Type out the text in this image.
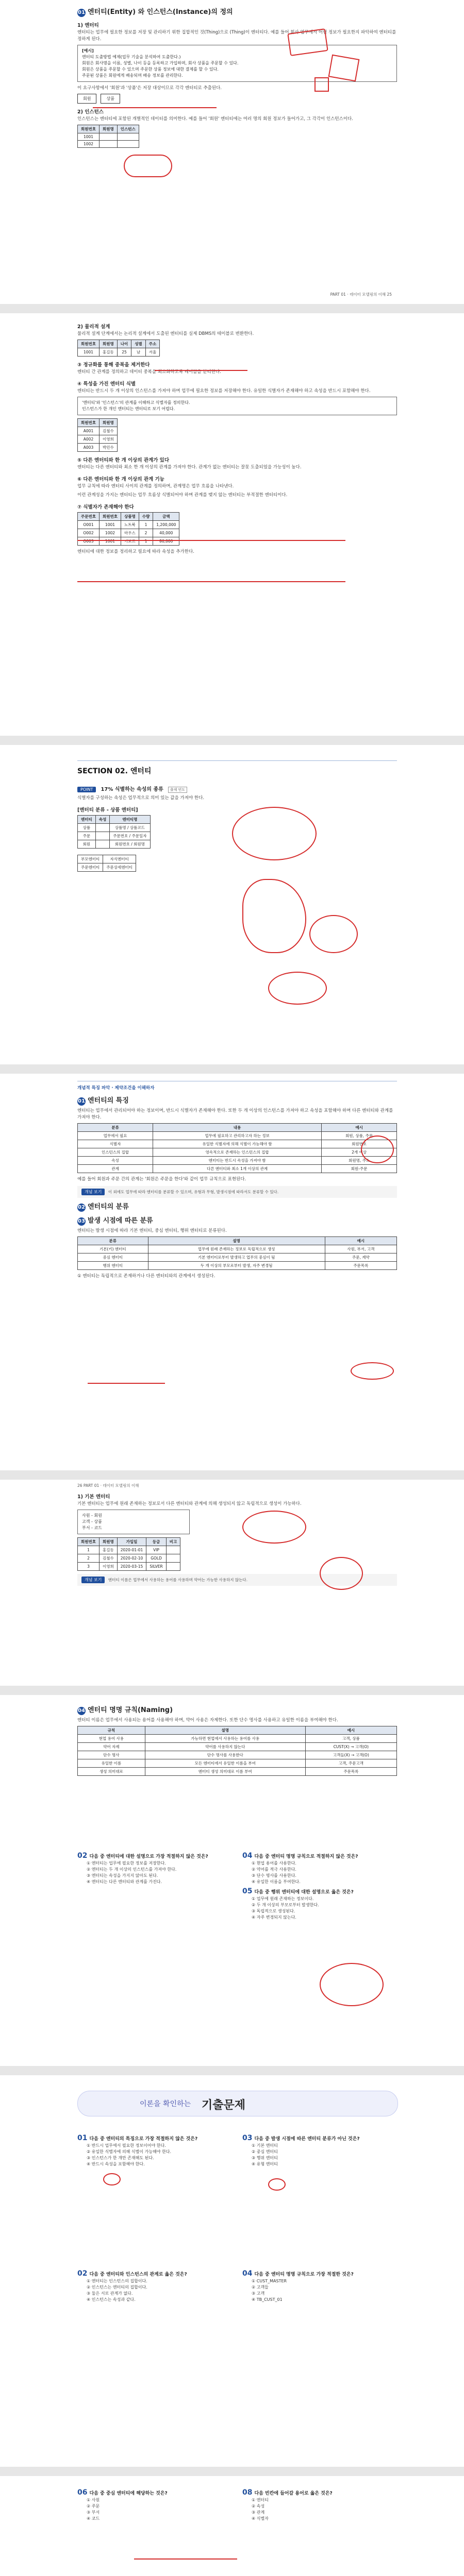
01 엔터티(Entity) 와 인스턴스(Instance)의 정의
1) 엔터티
엔터티는 업무에 필요한 정보를 저장 및 관리하기 위한 집합적인 것(Thing)으로 (Thing)이 엔터티다. 예를 들어 회사 업무에서 어떤 정보가 필요한지 파악하여 엔터티를 정하게 된다.
[예시]
엔터티 도출방법 예제(업무 기술을 분석하여 도출한다.)
회원은 회사명을 이름, 성별, 나이 등을 등록하고 가입하며, 회사 상품을 주문할 수 있다.
회원은 상품을 주문할 수 있으며 주문한 상품 정보에 대한 결제를 할 수 있다.
주문된 상품은 회원에게 배송되며 배송 정보를 관리한다.
이 요구사항에서 '회원'과 '상품'은 저장 대상이므로 각각 엔터티로 추출된다.
회원	상품
2) 인스턴스
인스턴스는 엔터티에 포함된 개별적인 데이터를 의미한다. 예를 들어 '회원' 엔터티에는 여러 명의 회원 정보가 들어가고, 그 각각이 인스턴스이다.
회원번호	회원명	인스턴스
1001		
1002		
PART 01 · 데이터 모델링의 이해 25
2) 물리적 설계
물리적 설계 단계에서는 논리적 설계에서 도출된 엔터티를 실제 DBMS의 테이블로 변환한다.
회원번호	회원명	나이	성별	주소
1001	홍길동	25	남	서울
③ 정규화를 통해 중복을 제거한다
엔터티 간 관계를 정의하고 데이터 중복을 최소화하도록 테이블을 분리한다.
④ 특성을 가진 엔터티 식별
엔터티는 반드시 두 개 이상의 인스턴스를 가져야 하며 업무에 필요한 정보를 저장해야 한다. 유일한 식별자가 존재해야 하고 속성을 반드시 포함해야 한다.
'엔터티'와 '인스턴스'의 관계를 이해하고 식별자를 정의한다.
인스턴스가 한 개인 엔터티는 엔터티로 보기 어렵다.
회원번호	회원명
A001	김철수
A002	이영희
A003	박민수
⑤ 다른 엔터티와 한 개 이상의 관계가 있다
엔터티는 다른 엔터티와 최소 한 개 이상의 관계를 가져야 한다. 관계가 없는 엔터티는 잘못 도출되었을 가능성이 높다.
⑥ 다른 엔터티와 한 개 이상의 관계 기능
업무 규칙에 따라 엔터티 사이의 관계를 정의하며, 관계명은 업무 흐름을 나타낸다.
이런 관계성을 가지는 엔터티는 업무 흐름상 식별되어야 하며 관계를 맺지 않는 엔터티는 부적절한 엔터티이다.
⑦ 식별자가 존재해야 한다
주문번호	회원번호	상품명	수량	금액
O001	1001	노트북	1	1,200,000
O002	1002	마우스	2	40,000
O003	1001	키보드	1	80,000
엔터티에 대한 정보를 정리하고 필요에 따라 속성을 추가한다.
SECTION 02. 엔터티
POINT 17% 식별하는 속성의 종류 출제 빈도
식별자를 구성하는 속성은 업무적으로 의미 있는 값을 가져야 한다.
[엔터티 분류 - 상품 엔터티]
엔터티	속성	엔터티명
상품		상품명 / 상품코드
주문		주문번호 / 주문일자
회원		회원번호 / 회원명
부모엔터티	자식엔터티
주문엔터티	주문상세엔터티
개념적 특징 파악 · 제약조건을 이해하자
01 엔터티의 특징
엔터티는 업무에서 관리되어야 하는 정보이며, 반드시 식별자가 존재해야 한다. 또한 두 개 이상의 인스턴스를 가져야 하고 속성을 포함해야 하며 다른 엔터티와 관계를 가져야 한다.
분류	내용	예시
업무에서 필요	업무에 필요하고 관리하고자 하는 정보	회원, 상품, 주문
식별자	유일한 식별자에 의해 식별이 가능해야 함	회원번호
인스턴스의 집합	영속적으로 존재하는 인스턴스의 집합	2개 이상
속성	엔터티는 반드시 속성을 가져야 함	회원명, 주소
관계	다른 엔터티와 최소 1개 이상의 관계	회원-주문
예를 들어 회원과 주문 간의 관계는 '회원은 주문을 한다'와 같이 업무 규칙으로 표현된다.
개념 보기 이 외에도 업무에 따라 엔터티를 분류할 수 있으며, 유형과 무형, 발생시점에 따라서도 분류할 수 있다.
02 엔터티의 분류
03 발생 시점에 따른 분류
엔터티는 발생 시점에 따라 기본 엔터티, 중심 엔터티, 행위 엔터티로 분류된다.
분류	설명	예시
기본(키) 엔터티	업무에 원래 존재하는 정보로 독립적으로 생성	사원, 부서, 고객
중심 엔터티	기본 엔터티로부터 발생하고 업무의 중심이 됨	주문, 계약
행위 엔터티	두 개 이상의 부모로부터 발생, 자주 변경됨	주문목록
① 엔터티는 독립적으로 존재하거나 다른 엔터티와의 관계에서 생성된다.
26 PART 01 · 데이터 모델링의 이해
1) 기본 엔터티
기본 엔터티는 업무에 원래 존재하는 정보로서 다른 엔터티와 관계에 의해 생성되지 않고 독립적으로 생성이 가능하다.
사원 - 회원
고객 - 상품
부서 - 코드
회원번호	회원명	가입일	등급	비고
1	홍길동	2020-01-01	VIP	
2	김철수	2020-02-10	GOLD	
3	이영희	2020-03-15	SILVER	
개념 보기 엔터티 이름은 업무에서 사용하는 용어를 사용하며 약어는 가능한 사용하지 않는다.
04 엔터티 명명 규칙(Naming)
엔터티 이름은 업무에서 사용되는 용어를 사용해야 하며, 약어 사용은 자제한다. 또한 단수 명사를 사용하고 유일한 이름을 부여해야 한다.
규칙	설명	예시
현업 용어 사용	가능하면 현업에서 사용하는 용어를 사용	고객, 상품
약어 자제	약어를 사용하지 않는다	CUST(X) → 고객(O)
단수 명사	단수 명사를 사용한다	고객들(X) → 고객(O)
유일한 이름	모든 엔터티에서 유일한 이름을 부여	고객, 주문고객
생성 의미대로	엔터티 생성 의미대로 이름 부여	주문목록
02 다음 중 엔터티에 대한 설명으로 가장 적절하지 않은 것은?
① 엔터티는 업무에 필요한 정보를 저장한다.
② 엔터티는 두 개 이상의 인스턴스를 가져야 한다.
③ 엔터티는 속성을 가지지 않아도 된다.
④ 엔터티는 다른 엔터티와 관계를 가진다.
04 다음 중 엔터티 명명 규칙으로 적절하지 않은 것은?
① 현업 용어를 사용한다.
② 약어를 적극 사용한다.
③ 단수 명사를 사용한다.
④ 유일한 이름을 부여한다.
05 다음 중 행위 엔터티에 대한 설명으로 옳은 것은?
① 업무에 원래 존재하는 정보이다.
② 두 개 이상의 부모로부터 발생한다.
③ 독립적으로 생성된다.
④ 자주 변경되지 않는다.
이론을 확인하는 기출문제
01 다음 중 엔터티의 특징으로 가장 적절하지 않은 것은?
① 반드시 업무에서 필요한 정보이어야 한다.
② 유일한 식별자에 의해 식별이 가능해야 한다.
③ 인스턴스가 한 개만 존재해도 된다.
④ 반드시 속성을 포함해야 한다.
02 다음 중 엔터티와 인스턴스의 관계로 옳은 것은?
① 엔터티는 인스턴스의 집합이다.
② 인스턴스는 엔터티의 집합이다.
③ 둘은 서로 관계가 없다.
④ 인스턴스는 속성과 같다.
03 다음 중 발생 시점에 따른 엔터티 분류가 아닌 것은?
① 기본 엔터티
② 중심 엔터티
③ 행위 엔터티
④ 유형 엔터티
04 다음 중 엔터티 명명 규칙으로 가장 적절한 것은?
① CUST_MASTER
② 고객들
③ 고객
④ TB_CUST_01
06 다음 중 중심 엔터티에 해당하는 것은?
① 사원
② 주문
③ 부서
④ 코드
08 다음 빈칸에 들어갈 용어로 옳은 것은?
① 엔터티
② 속성
③ 관계
④ 식별자
